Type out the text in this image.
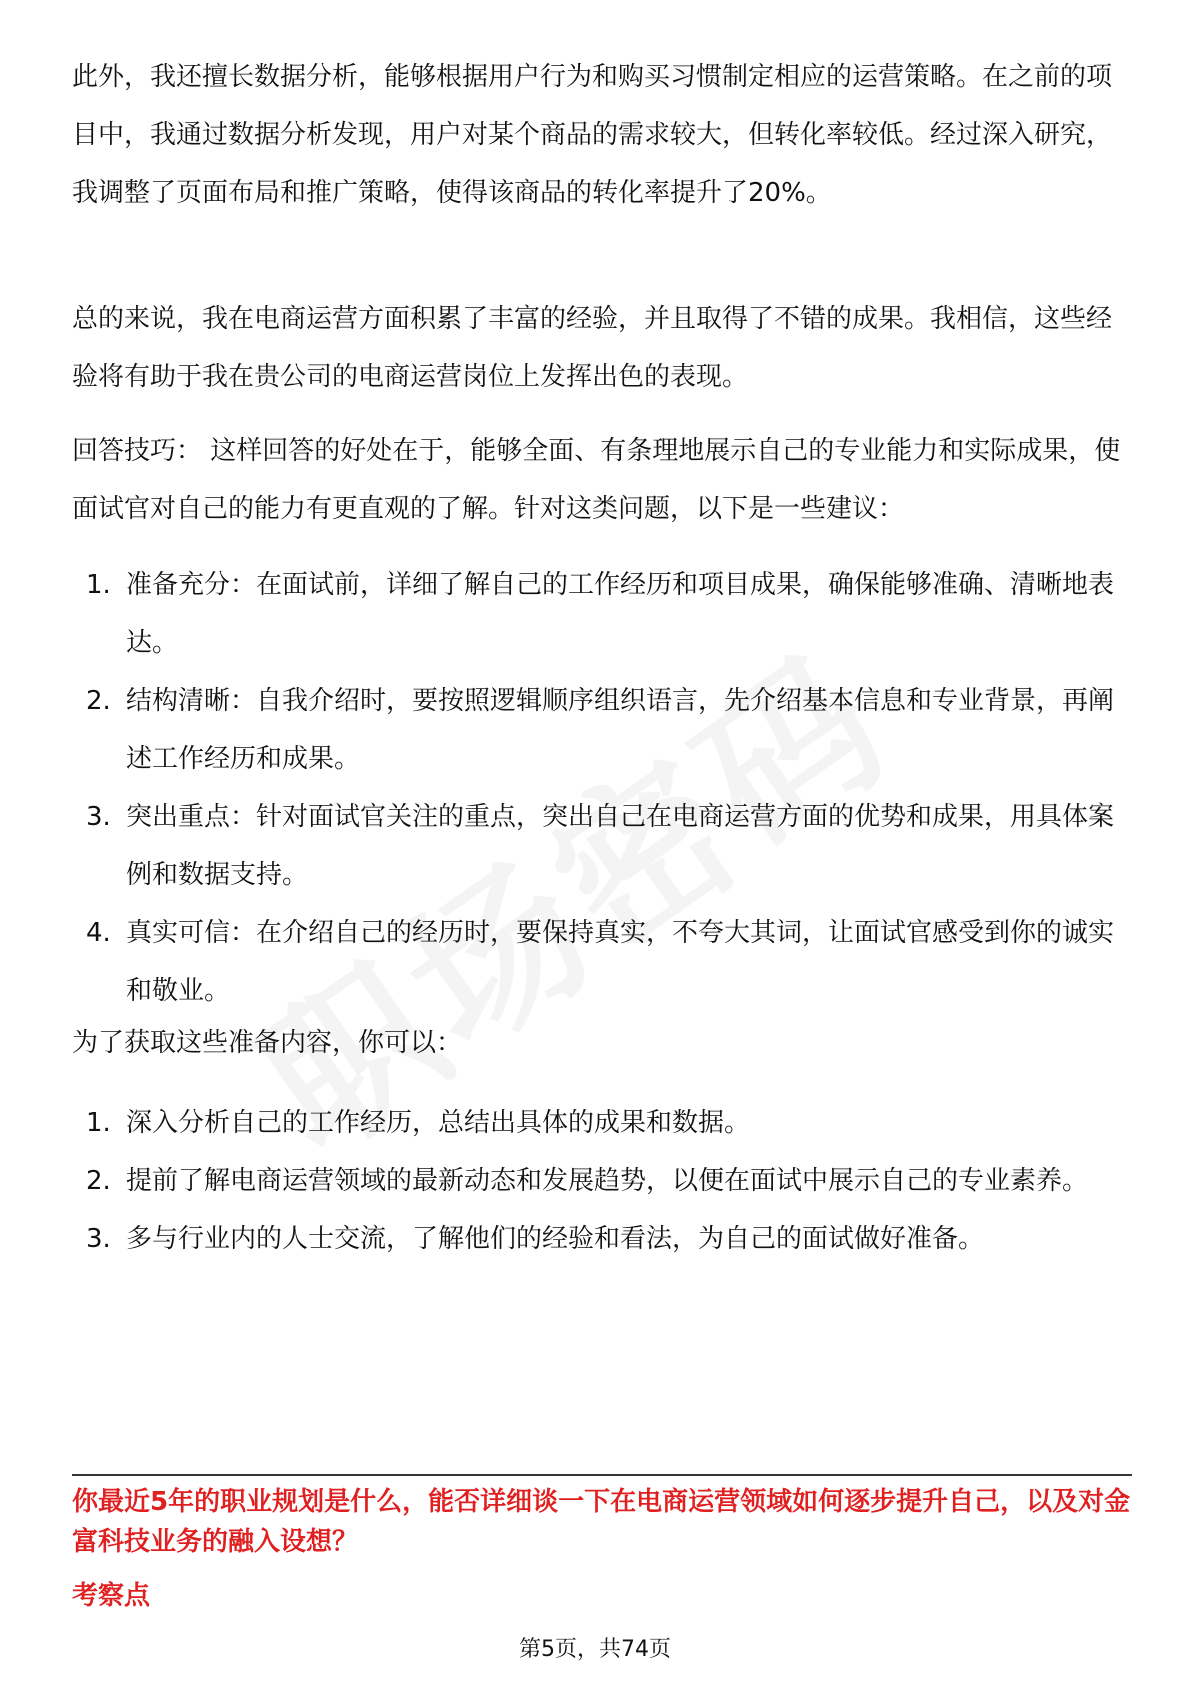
此外，我还擅长数据分析，能够根据用户行为和购买习惯制定相应的运营策略。在之前的项目中，我通过数据分析发现，用户对某个商品的需求较大，但转化率较低。经过深入研究，我调整了页面布局和推广策略，使得该商品的转化率提升了20%。

总的来说，我在电商运营方面积累了丰富的经验，并且取得了不错的成果。我相信，这些经验将有助于我在贵公司的电商运营岗位上发挥出色的表现。

回答技巧： 这样回答的好处在于，能够全面、有条理地展示自己的专业能力和实际成果，使面试官对自己的能力有更直观的了解。针对这类问题，以下是一些建议：

1. 准备充分：在面试前，详细了解自己的工作经历和项目成果，确保能够准确、清晰地表达。
2. 结构清晰：自我介绍时，要按照逻辑顺序组织语言，先介绍基本信息和专业背景，再阐述工作经历和成果。
3. 突出重点：针对面试官关注的重点，突出自己在电商运营方面的优势和成果，用具体案例和数据支持。
4. 真实可信：在介绍自己的经历时，要保持真实，不夸大其词，让面试官感受到你的诚实和敬业。

为了获取这些准备内容，你可以：

1. 深入分析自己的工作经历，总结出具体的成果和数据。
2. 提前了解电商运营领域的最新动态和发展趋势，以便在面试中展示自己的专业素养。
3. 多与行业内的人士交流，了解他们的经验和看法，为自己的面试做好准备。

你最近5年的职业规划是什么，能否详细谈一下在电商运营领域如何逐步提升自己，以及对金富科技业务的融入设想？

考察点

第5页，共74页
